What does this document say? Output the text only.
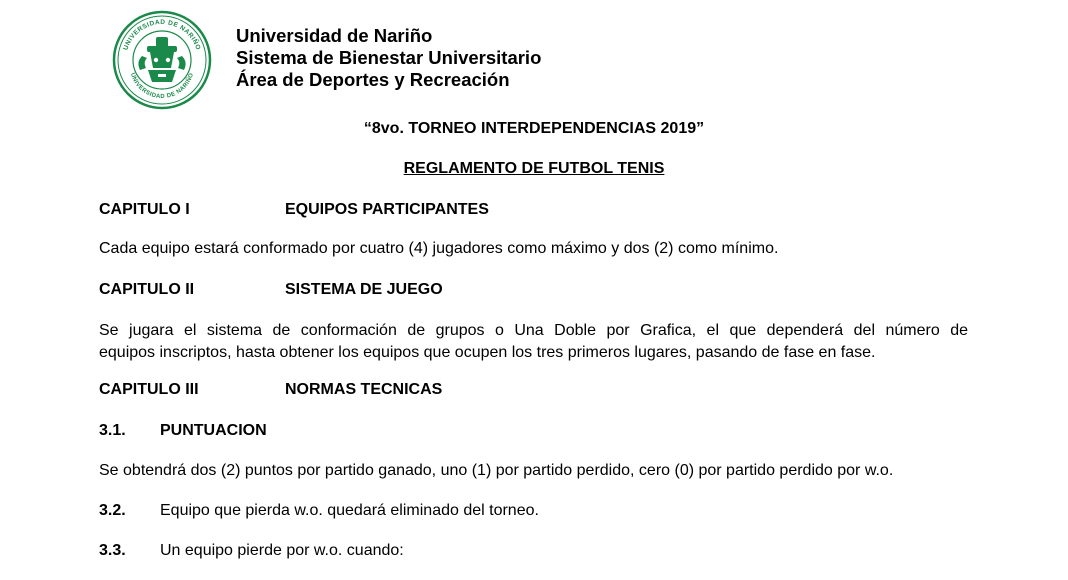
UNIVERSIDAD DE NARIÑO
UNIVERSIDAD DE NARIÑO
Universidad de Nariño
Sistema de Bienestar Universitario
Área de Deportes y Recreación
“8vo. TORNEO INTERDEPENDENCIAS 2019”
REGLAMENTO DE FUTBOL TENIS
CAPITULO I	EQUIPOS PARTICIPANTES
Cada equipo estará conformado por cuatro (4) jugadores como máximo y dos (2) como mínimo.
CAPITULO II	SISTEMA DE JUEGO
Se jugara el sistema de conformación de grupos o Una Doble por Grafica, el que dependerá del número de
equipos inscriptos, hasta obtener los equipos que ocupen los tres primeros lugares, pasando de fase en fase.
CAPITULO III	NORMAS TECNICAS
3.1. PUNTUACION
Se obtendrá dos (2) puntos por partido ganado, uno (1) por partido perdido, cero (0) por partido perdido por w.o.
3.2. Equipo que pierda w.o. quedará eliminado del torneo.
3.3. Un equipo pierde por w.o. cuando:
